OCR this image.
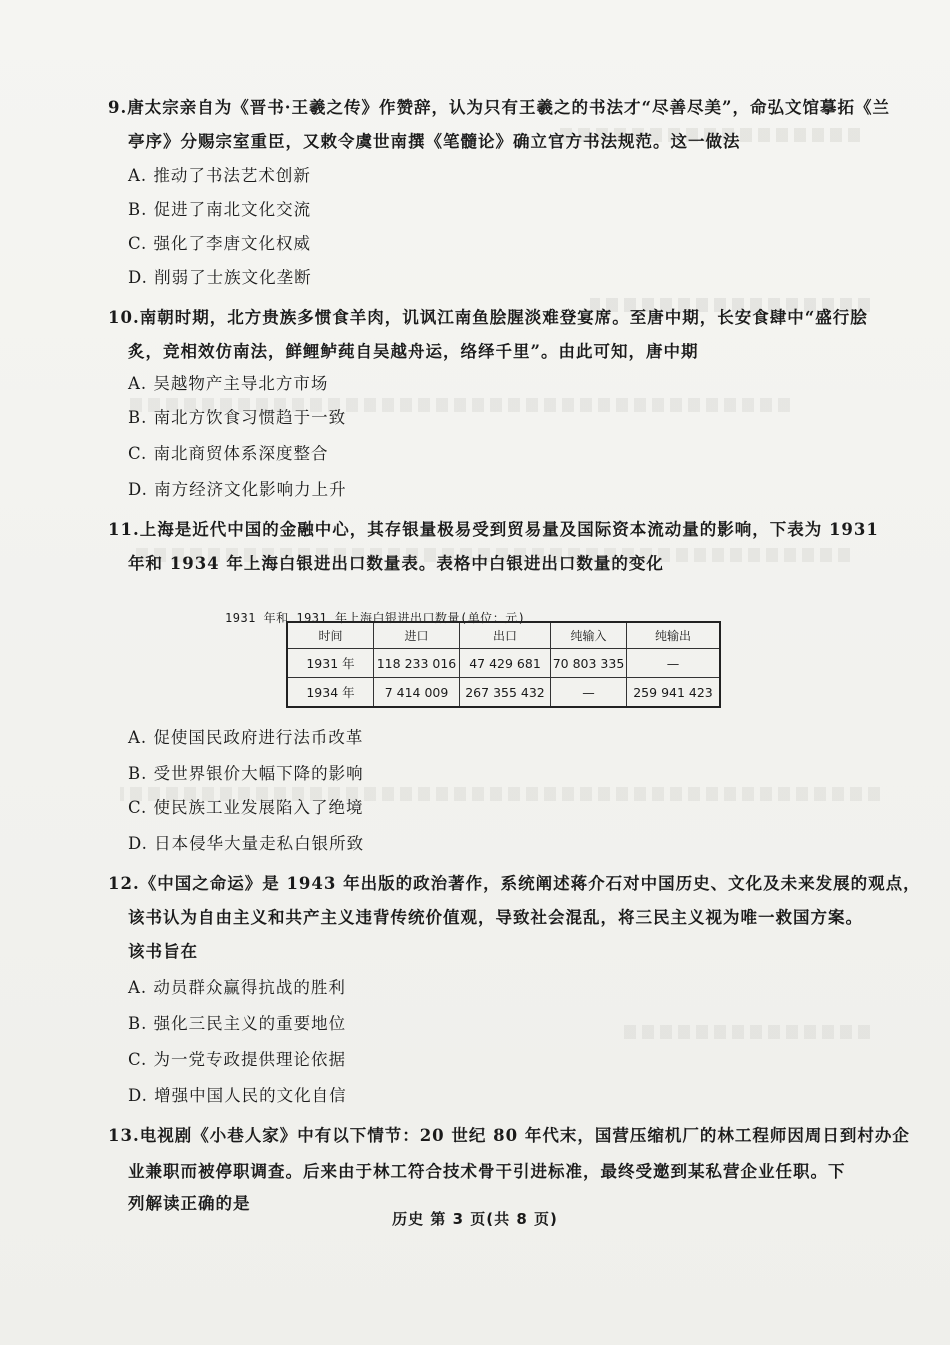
9.唐太宗亲自为《晋书·王羲之传》作赞辞，认为只有王羲之的书法才“尽善尽美”，命弘文馆摹拓《兰
亭序》分赐宗室重臣，又敕令虞世南撰《笔髓论》确立官方书法规范。这一做法
A. 推动了书法艺术创新
B. 促进了南北文化交流
C. 强化了李唐文化权威
D. 削弱了士族文化垄断
10.南朝时期，北方贵族多惯食羊肉，讥讽江南鱼脍腥淡难登宴席。至唐中期，长安食肆中“盛行脍
炙，竞相效仿南法，鲜鲤鲈莼自吴越舟运，络绎千里”。由此可知，唐中期
A. 吴越物产主导北方市场
B. 南北方饮食习惯趋于一致
C. 南北商贸体系深度整合
D. 南方经济文化影响力上升
11.上海是近代中国的金融中心，其存银量极易受到贸易量及国际资本流动量的影响，下表为 1931
年和 1934 年上海白银进出口数量表。表格中白银进出口数量的变化
1931 年和 1931 年上海白银进出口数量(单位：元)
时间	进口	出口	纯输入	纯输出
1931 年	118 233 016	47 429 681	70 803 335	—
1934 年	7 414 009	267 355 432	—	259 941 423
A. 促使国民政府进行法币改革
B. 受世界银价大幅下降的影响
C. 使民族工业发展陷入了绝境
D. 日本侵华大量走私白银所致
12.《中国之命运》是 1943 年出版的政治著作，系统阐述蒋介石对中国历史、文化及未来发展的观点，
该书认为自由主义和共产主义违背传统价值观，导致社会混乱，将三民主义视为唯一救国方案。
该书旨在
A. 动员群众赢得抗战的胜利
B. 强化三民主义的重要地位
C. 为一党专政提供理论依据
D. 增强中国人民的文化自信
13.电视剧《小巷人家》中有以下情节：20 世纪 80 年代末，国营压缩机厂的林工程师因周日到村办企
业兼职而被停职调查。后来由于林工符合技术骨干引进标准，最终受邀到某私营企业任职。下
列解读正确的是
历史 第 3 页(共 8 页)
